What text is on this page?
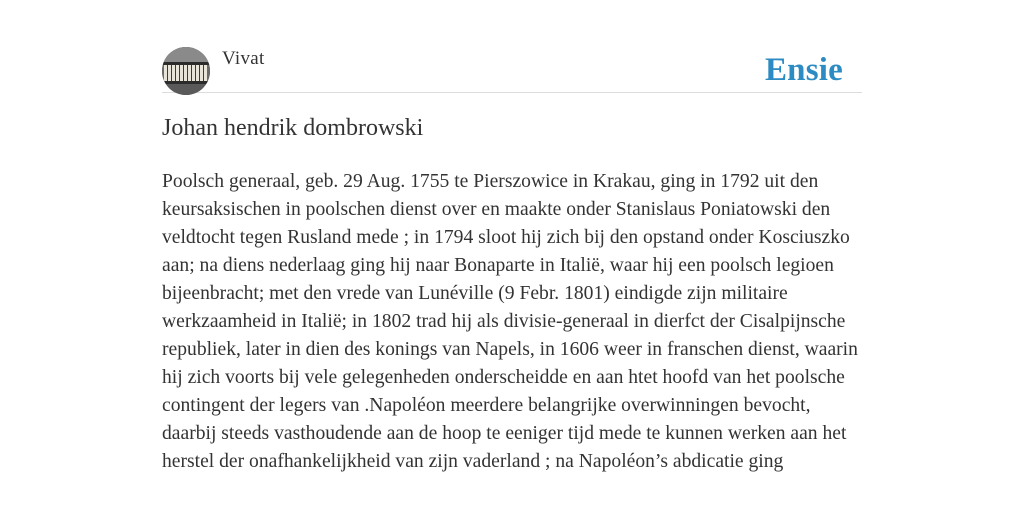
Vivat	Ensie
Johan hendrik dombrowski

Poolsch generaal, geb. 29 Aug. 1755 te Pierszowice in Krakau, ging in 1792 uit den keursaksischen in poolschen dienst over en maakte onder Stanislaus Poniatowski den veldtocht tegen Rusland mede ; in 1794 sloot hij zich bij den opstand onder Kosciuszko aan; na diens nederlaag ging hij naar Bonaparte in Italië, waar hij een poolsch legioen bijeenbracht; met den vrede van Lunéville (9 Febr. 1801) eindigde zijn militaire werkzaamheid in Italië; in 1802 trad hij als divisie-generaal in dierfct der Cisalpijnsche republiek, later in dien des konings van Napels, in 1606 weer in franschen dienst, waarin hij zich voorts bij vele gelegenheden onderscheidde en aan htet hoofd van het poolsche contingent der legers van .Napoléon meerdere belangrijke overwinningen bevocht, daarbij steeds vasthoudende aan de hoop te eeniger tijd mede te kunnen werken aan het herstel der onafhankelijkheid van zijn vaderland ; na Napoléon’s abdicatie ging
